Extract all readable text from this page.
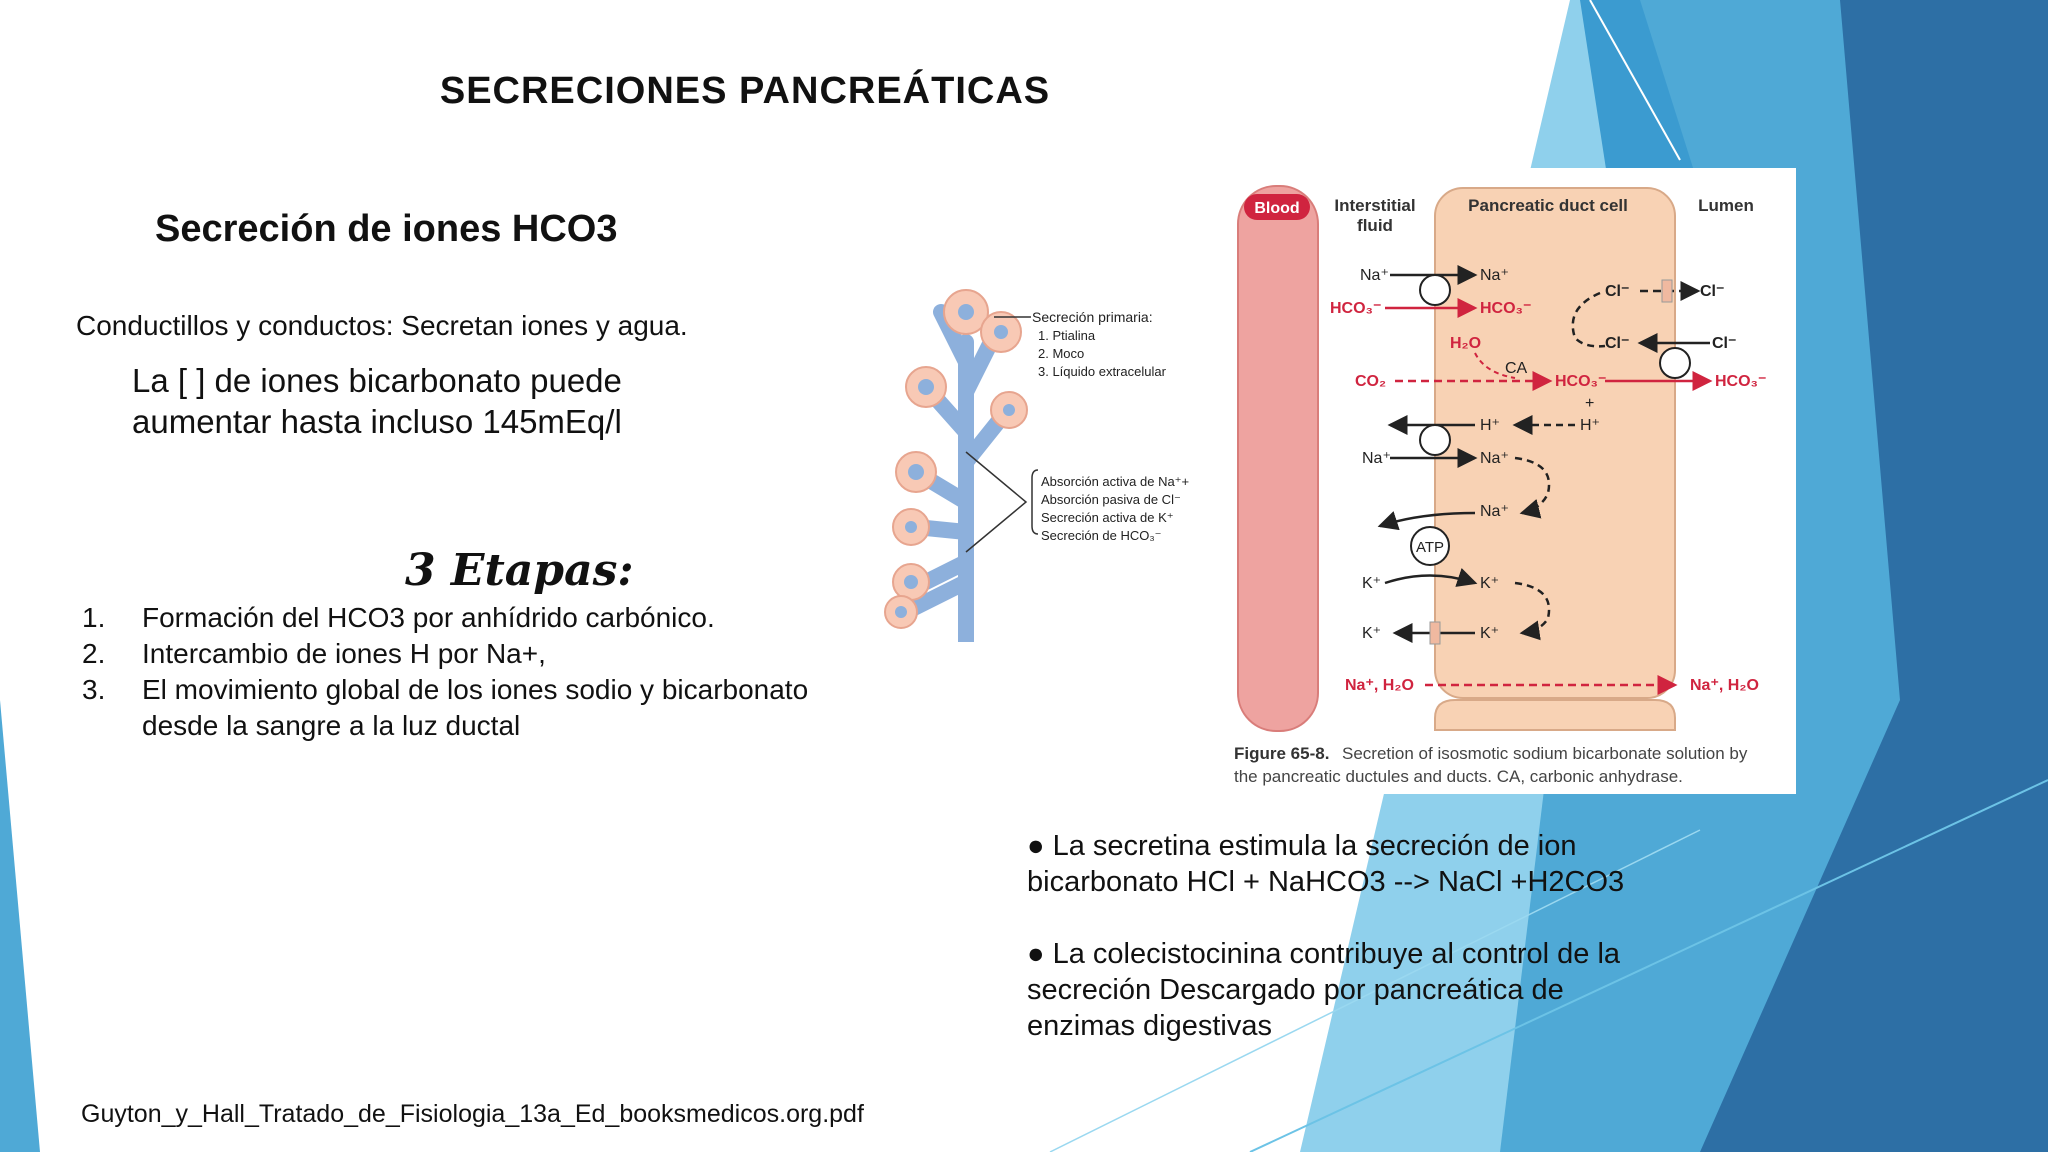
SECRECIONES PANCREÁTICAS
Secreción de iones HCO3
Conductillos y conductos: Secretan iones y agua.
La [ ] de iones bicarbonato puede aumentar hasta incluso 145mEq/l
3 Etapas:
1.	Formación del HCO3 por anhídrido carbónico.
2.	Intercambio de iones H por Na+,
3.	El movimiento global de los iones sodio y bicarbonato desde la sangre a la luz ductal
Guyton_y_Hall_Tratado_de_Fisiologia_13a_Ed_booksmedicos.org.pdf

● La secretina estimula la secreción de ion bicarbonato HCl + NaHCO3 --> NaCl +H2CO3

● La colecistocinina contribuye al control de la secreción Descargado por pancreática de enzimas digestivas

Secreción primaria:
1. Ptialina
2. Moco
3. Líquido extracelular
Absorción activa de Na⁺+
Absorción pasiva de Cl⁻
Secreción activa de K⁺
Secreción de HCO₃⁻
Blood Interstitial
fluid
Pancreatic duct cell	Lumen
Na⁺	Na⁺
HCO₃⁻	HCO₃⁻
Cl⁻	Cl⁻
Cl⁻	Cl⁻
H₂O
CA
CO₂	HCO₃⁻	HCO₃⁻
+
H⁺
H⁺
Na⁺	Na⁺
Na⁺
ATP
K⁺	K⁺
K⁺
K⁺
Na⁺, H₂O	Na⁺, H₂O
Figure 65-8. Secretion of isosmotic sodium bicarbonate solution by
the pancreatic ductules and ducts. CA, carbonic anhydrase.
